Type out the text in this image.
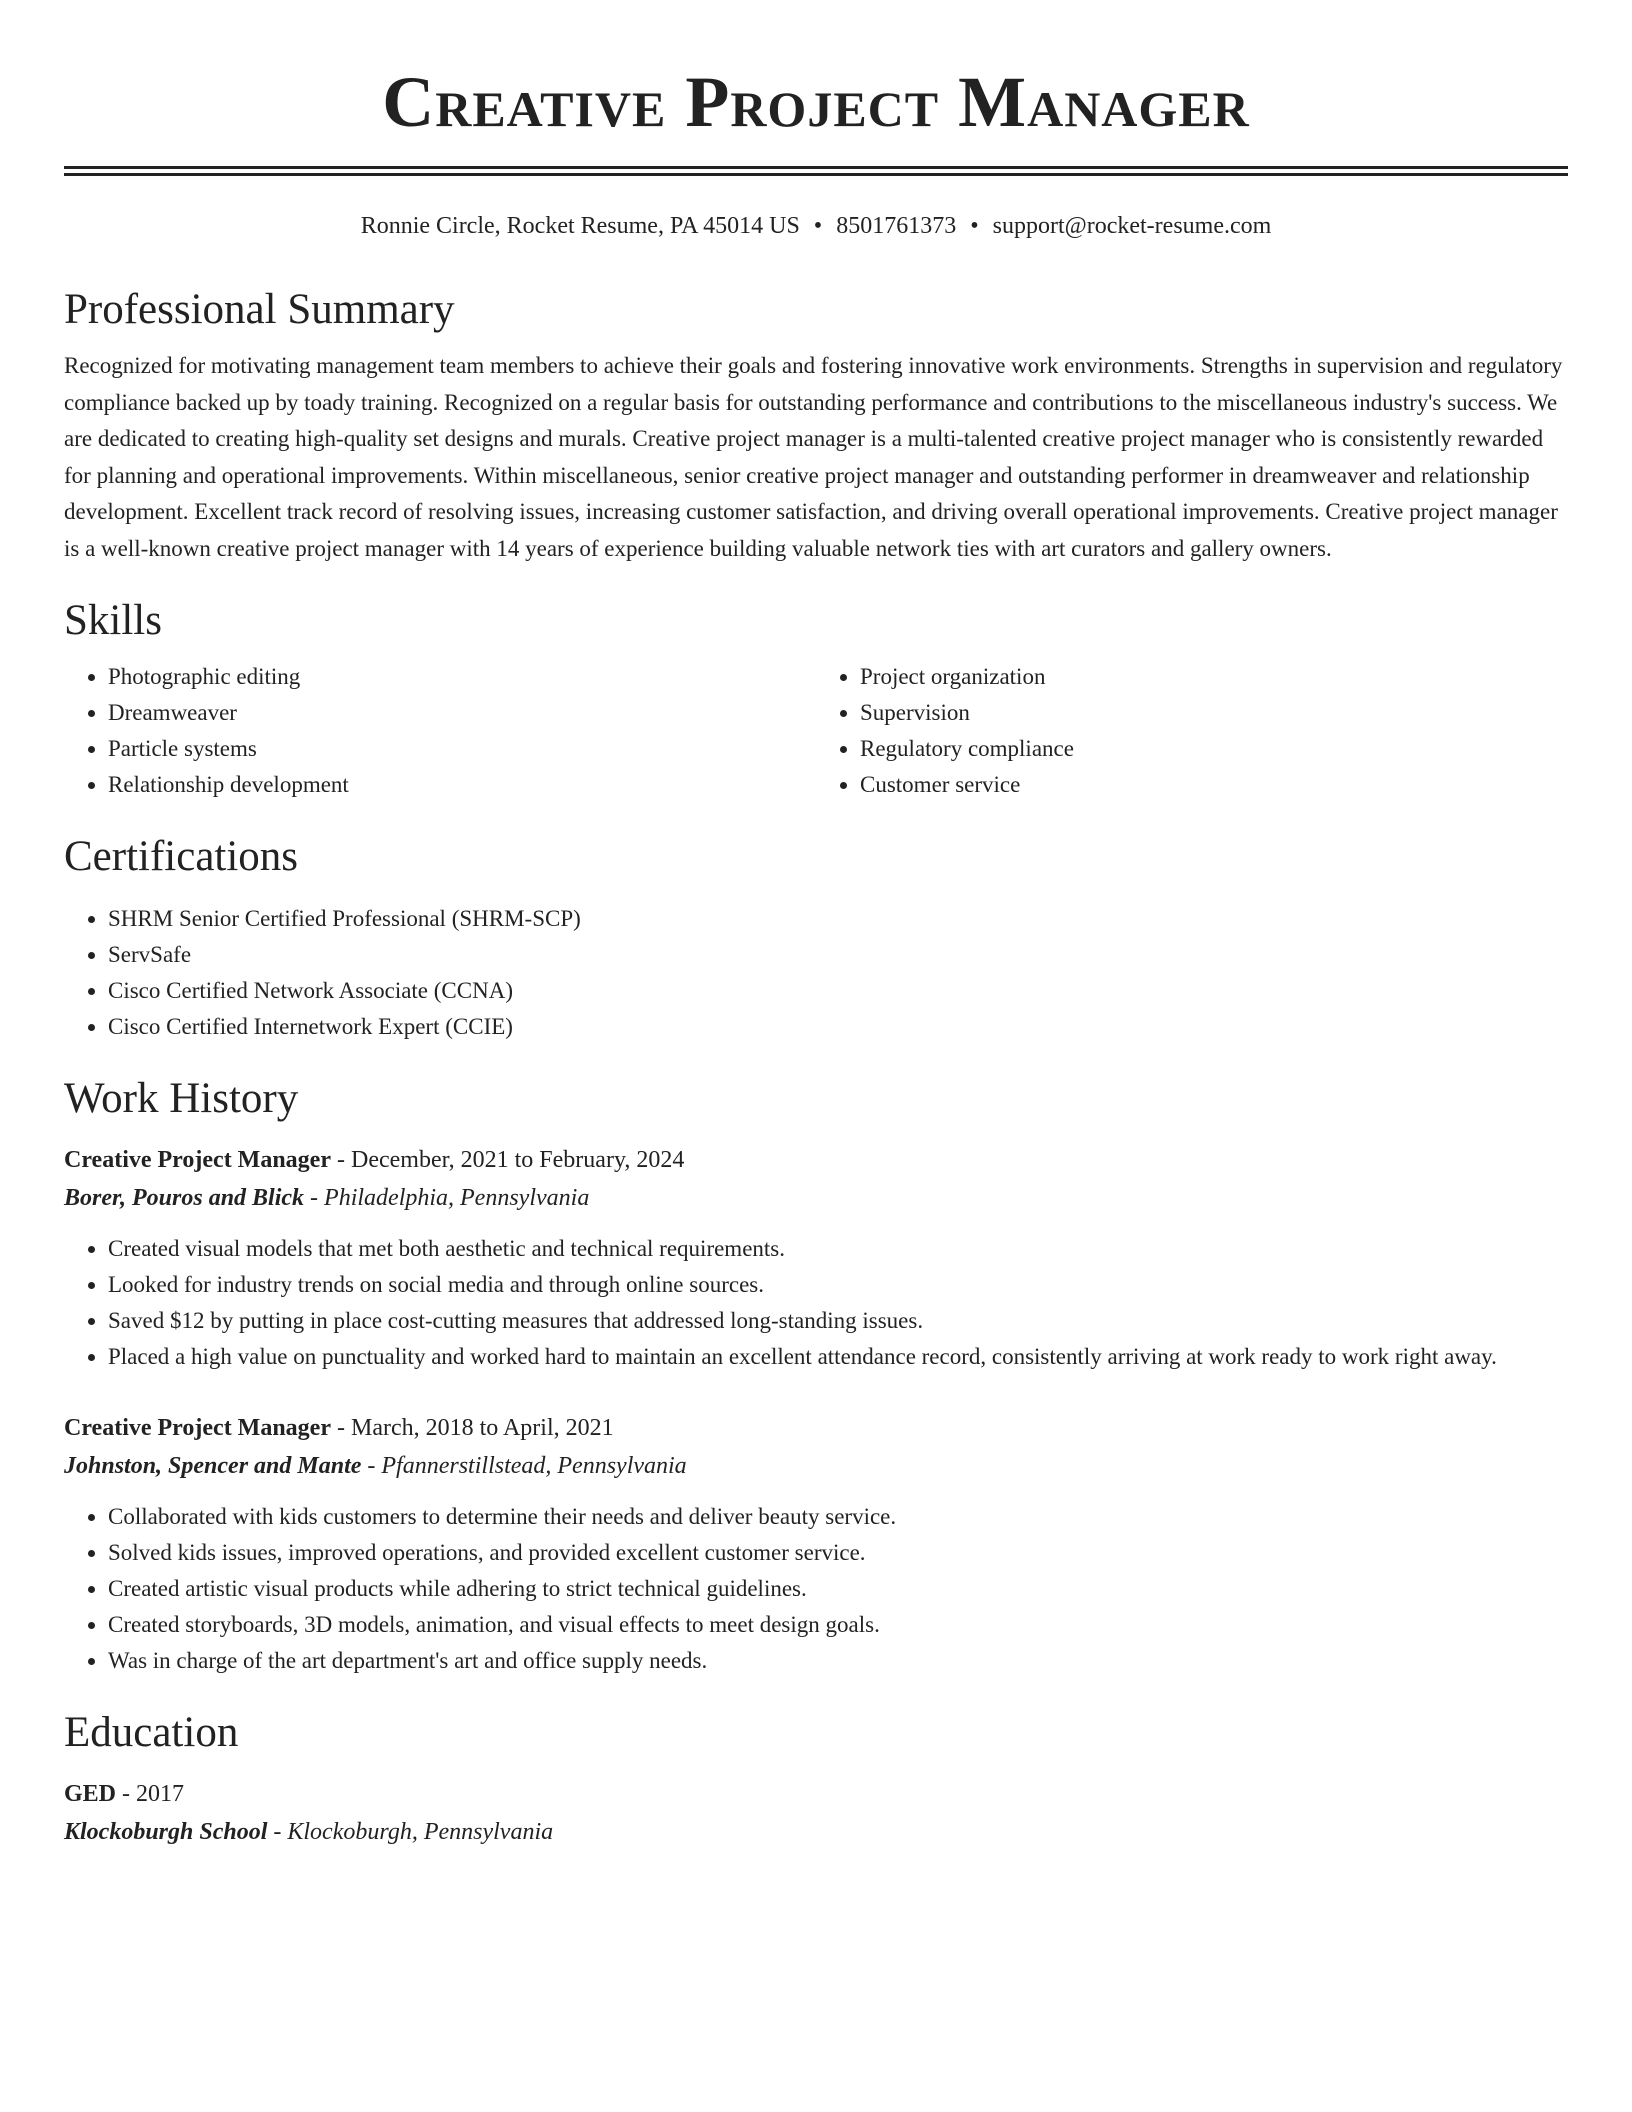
Creative Project Manager
Ronnie Circle, Rocket Resume, PA 45014 US • 8501761373 • support@rocket-resume.com
Professional Summary

Recognized for motivating management team members to achieve their goals and fostering innovative work environments. Strengths in supervision and regulatory compliance backed up by toady training. Recognized on a regular basis for outstanding performance and contributions to the miscellaneous industry's success. We are dedicated to creating high-quality set designs and murals. Creative project manager is a multi-talented creative project manager who is consistently rewarded for planning and operational improvements. Within miscellaneous, senior creative project manager and outstanding performer in dreamweaver and relationship development. Excellent track record of resolving issues, increasing customer satisfaction, and driving overall operational improvements. Creative project manager is a well-known creative project manager with 14 years of experience building valuable network ties with art curators and gallery owners.

Skills
• Photographic editing
• Dreamweaver
• Particle systems
• Relationship development
• Project organization
• Supervision
• Regulatory compliance
• Customer service
Certifications
• SHRM Senior Certified Professional (SHRM-SCP)
• ServSafe
• Cisco Certified Network Associate (CCNA)
• Cisco Certified Internetwork Expert (CCIE)
Work History
Creative Project Manager - December, 2021 to February, 2024
Borer, Pouros and Blick - Philadelphia, Pennsylvania
• Created visual models that met both aesthetic and technical requirements.
• Looked for industry trends on social media and through online sources.
• Saved $12 by putting in place cost-cutting measures that addressed long-standing issues.
• Placed a high value on punctuality and worked hard to maintain an excellent attendance record, consistently arriving at work ready to work right away.
Creative Project Manager - March, 2018 to April, 2021
Johnston, Spencer and Mante - Pfannerstillstead, Pennsylvania
• Collaborated with kids customers to determine their needs and deliver beauty service.
• Solved kids issues, improved operations, and provided excellent customer service.
• Created artistic visual products while adhering to strict technical guidelines.
• Created storyboards, 3D models, animation, and visual effects to meet design goals.
• Was in charge of the art department's art and office supply needs.
Education
GED - 2017
Klockoburgh School - Klockoburgh, Pennsylvania
